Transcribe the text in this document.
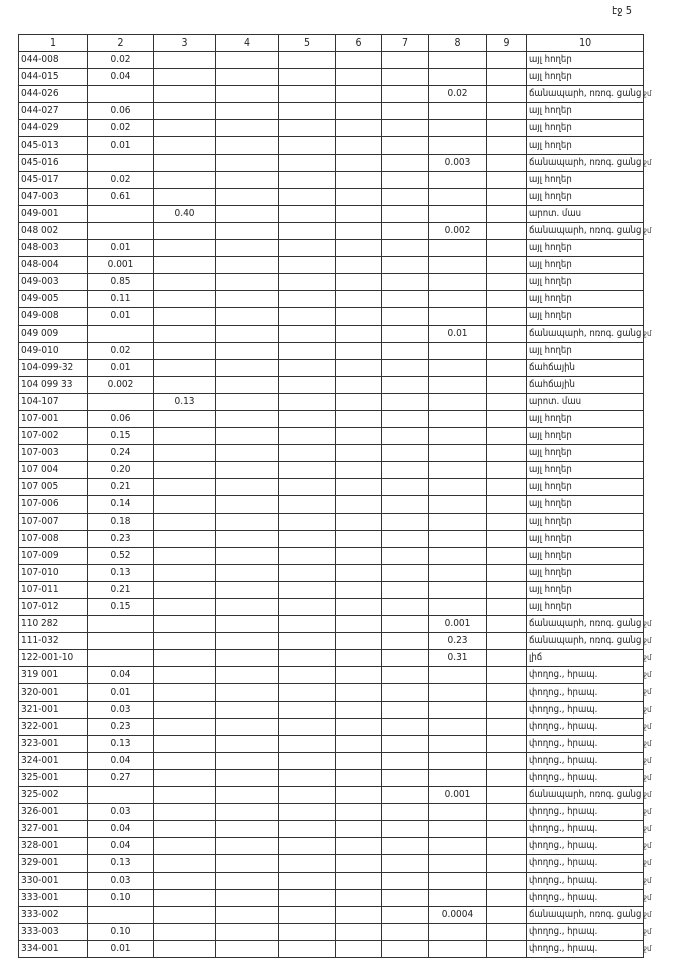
էջ 5
1	2	3	4	5	6	7	8	9	10
044-008	0.02								այլ հողեր
044-015	0.04								այլ հողեր
044-026							0.02		ճանապարհ, ոռոգ. ցանց ջմ

044-027	0.06								այլ հողեր
044-029	0.02								այլ հողեր
045-013	0.01								այլ հողեր
045-016							0.003		ճանապարհ, ոռոգ. ցանց ջմ

045-017	0.02								այլ հողեր
047-003	0.61								այլ հողեր
049-001		0.40							արոտ. մաս
048 002							0.002		ճանապարհ, ոռոգ. ցանց ջմ

048-003	0.01								այլ հողեր
048-004	0.001								այլ հողեր
049-003	0.85								այլ հողեր
049-005	0.11								այլ հողեր
049-008	0.01								այլ հողեր
049 009							0.01		ճանապարհ, ոռոգ. ցանց ջմ

049-010	0.02								այլ հողեր
104-099-32	0.01								ճահճային
104 099 33	0.002								ճահճային
104-107		0.13							արոտ. մաս
107-001	0.06								այլ հողեր
107-002	0.15								այլ հողեր
107-003	0.24								այլ հողեր
107 004	0.20								այլ հողեր
107 005	0.21								այլ հողեր
107-006	0.14								այլ հողեր
107-007	0.18								այլ հողեր
107-008	0.23								այլ հողեր
107-009	0.52								այլ հողեր
107-010	0.13								այլ հողեր
107-011	0.21								այլ հողեր
107-012	0.15								այլ հողեր
110 282							0.001		ճանապարհ, ոռոգ. ցանց ջմ

111-032							0.23		ճանապարհ, ոռոգ. ցանց ջմ

122-001-10							0.31		լիճ ջմ

319 001	0.04								փողոց., հրապ. ջմ

320-001	0.01								փողոց., հրապ. ջմ

321-001	0.03								փողոց., հրապ. ջմ

322-001	0.23								փողոց., հրապ. ջմ

323-001	0.13								փողոց., հրապ. ջմ

324-001	0.04								փողոց., հրապ. ջմ

325-001	0.27								փողոց., հրապ. ջմ

325-002							0.001		ճանապարհ, ոռոգ. ցանց ջմ

326-001	0.03								փողոց., հրապ. ջմ

327-001	0.04								փողոց., հրապ. ջմ

328-001	0.04								փողոց., հրապ. ջմ

329-001	0.13								փողոց., հրապ. ջմ

330-001	0.03								փողոց., հրապ. ջմ

333-001	0.10								փողոց., հրապ. ջմ

333-002							0.0004		ճանապարհ, ոռոգ. ցանց ջմ

333-003	0.10								փողոց., հրապ. ջմ

334-001	0.01								փողոց., հրապ. ջմ
